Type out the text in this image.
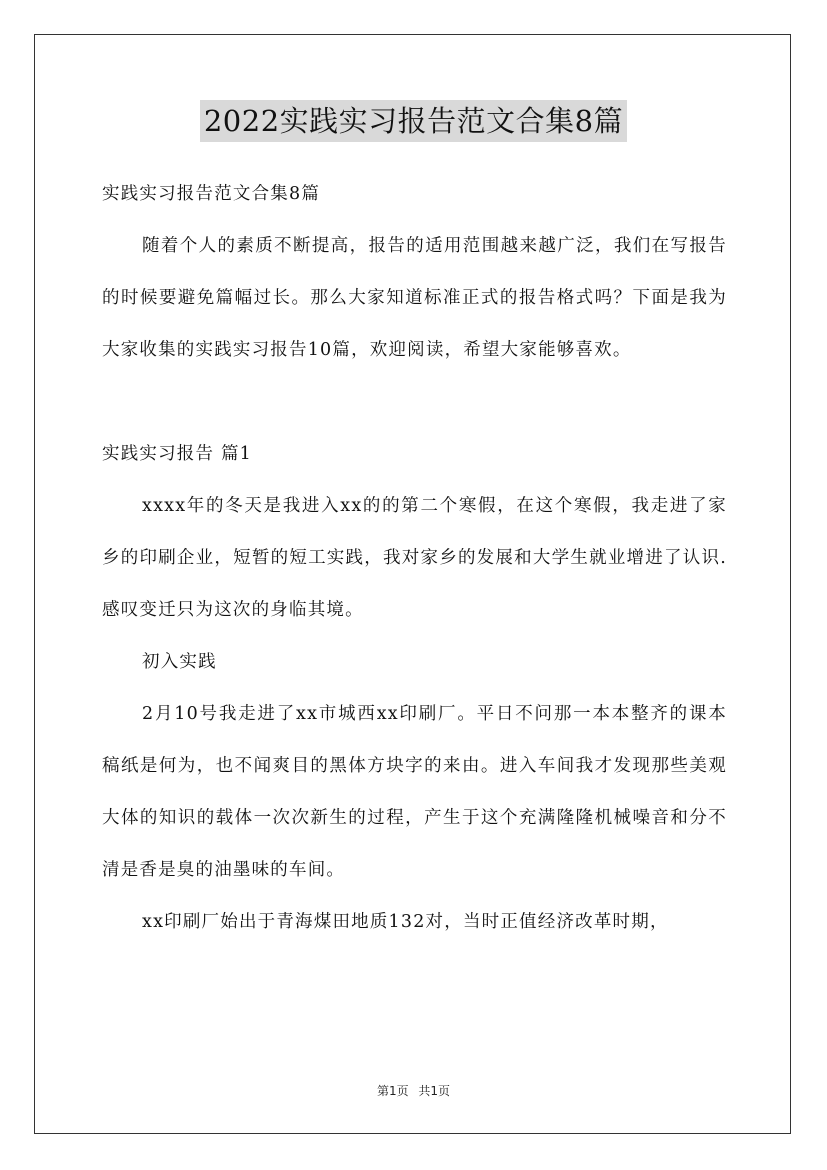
2022实践实习报告范文合集8篇

实践实习报告范文合集8篇

随着个人的素质不断提高，报告的适用范围越来越广泛，我们在写报告的时候要避免篇幅过长。那么大家知道标准正式的报告格式吗？下面是我为大家收集的实践实习报告10篇，欢迎阅读，希望大家能够喜欢。

实践实习报告 篇1

xxxx年的冬天是我进入xx的的第二个寒假，在这个寒假，我走进了家乡的印刷企业，短暂的短工实践，我对家乡的发展和大学生就业增进了认识.感叹变迁只为这次的身临其境。

初入实践

2月10号我走进了xx市城西xx印刷厂。平日不问那一本本整齐的课本稿纸是何为，也不闻爽目的黑体方块字的来由。进入车间我才发现那些美观大体的知识的载体一次次新生的过程，产生于这个充满隆隆机械噪音和分不清是香是臭的油墨味的车间。

xx印刷厂始出于青海煤田地质132对，当时正值经济改革时期，

第1页 共1页
